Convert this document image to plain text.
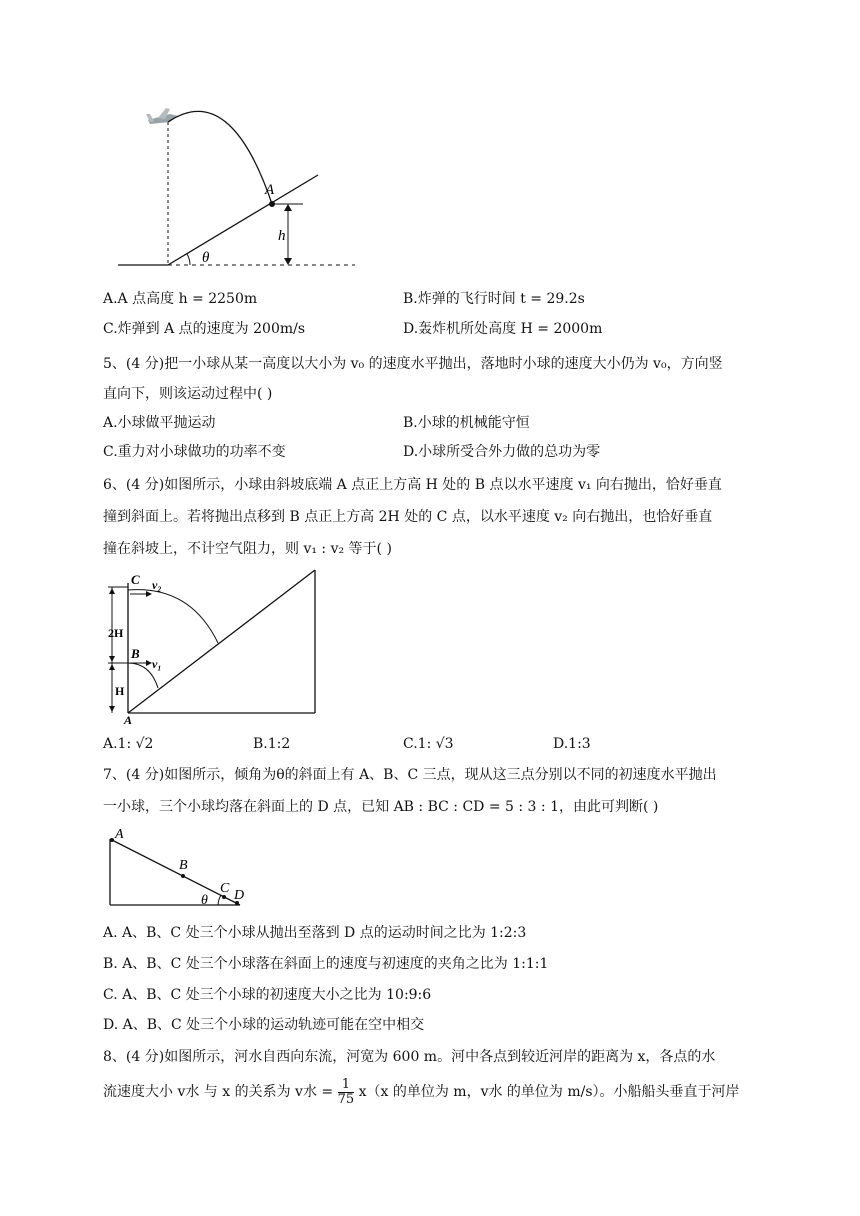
A
h
θ
A.A 点高度 h = 2250m	B.炸弹的飞行时间 t = 29.2s
C.炸弹到 A 点的速度为 200m/s	D.轰炸机所处高度 H = 2000m
5、(4 分)把一小球从某一高度以大小为 v₀ 的速度水平抛出，落地时小球的速度大小仍为 v₀，方向竖
直向下，则该运动过程中( )
A.小球做平抛运动	B.小球的机械能守恒
C.重力对小球做功的功率不变	D.小球所受合外力做的总功为零
6、(4 分)如图所示，小球由斜坡底端 A 点正上方高 H 处的 B 点以水平速度 v₁ 向右抛出，恰好垂直
撞到斜面上。若将抛出点移到 B 点正上方高 2H 处的 C 点，以水平速度 v₂ 向右抛出，也恰好垂直
撞在斜坡上，不计空气阻力，则 v₁ : v₂ 等于( )
C v₂
2H
B
v₁
H
A
A.1: √2	B.1:2	C.1: √3	D.1:3
7、(4 分)如图所示，倾角为θ的斜面上有 A、B、C 三点，现从这三点分别以不同的初速度水平抛出
一小球，三个小球均落在斜面上的 D 点，已知 AB : BC : CD = 5 : 3 : 1，由此可判断( )
A
B
C D
θ
A. A、B、C 处三个小球从抛出至落到 D 点的运动时间之比为 1:2:3
B. A、B、C 处三个小球落在斜面上的速度与初速度的夹角之比为 1:1:1
C. A、B、C 处三个小球的初速度大小之比为 10:9:6
D. A、B、C 处三个小球的运动轨迹可能在空中相交
8、(4 分)如图所示，河水自西向东流，河宽为 600 m。河中各点到较近河岸的距离为 x，各点的水
流速度大小 v水 与 x 的关系为 v水 = $\frac{1}{75} x(x$ 的单位为 m，v水 的单位为 m/s）。小船船头垂直于河岸
